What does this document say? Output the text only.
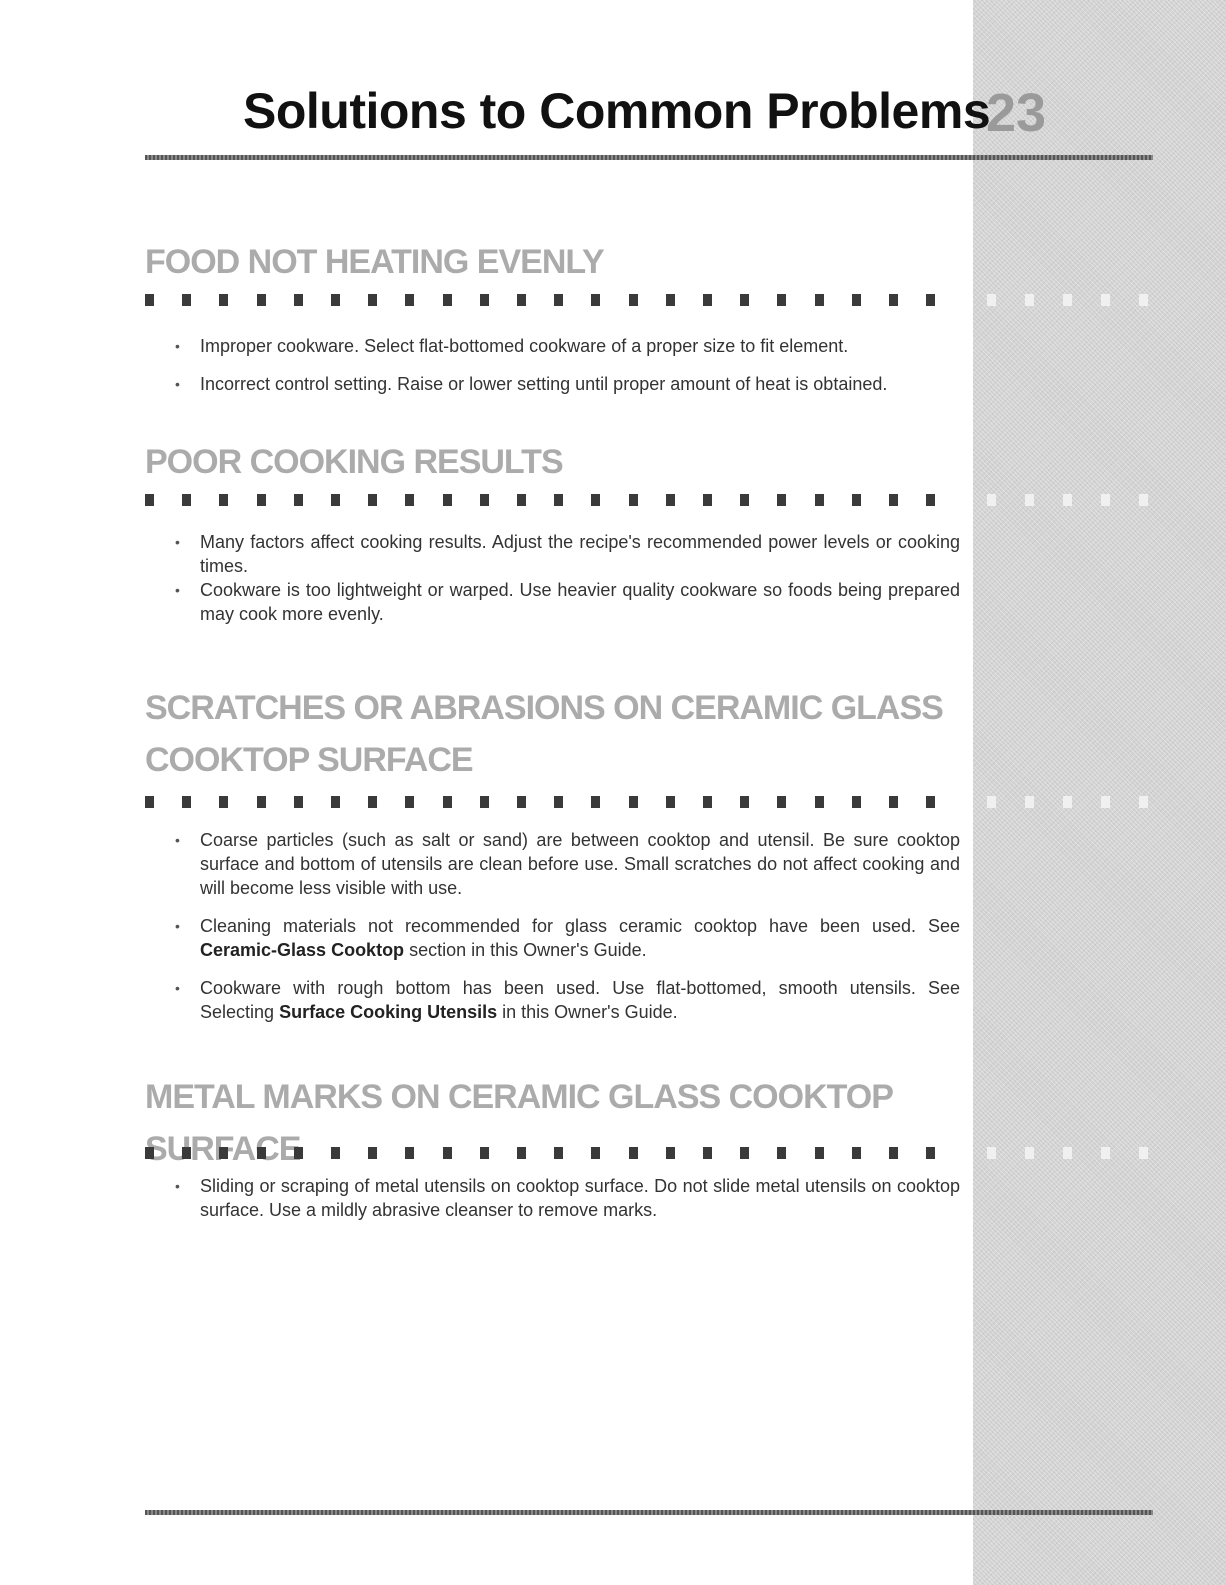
Solutions to Common Problems
23
FOOD NOT HEATING EVENLY
• Improper cookware. Select flat-bottomed cookware of a proper size to fit element.
• Incorrect control setting. Raise or lower setting until proper amount of heat is obtained.
POOR COOKING RESULTS
• Many factors affect cooking results. Adjust the recipe's recommended power levels or cooking times.
• Cookware is too lightweight or warped. Use heavier quality cookware so foods being prepared may cook more evenly.
SCRATCHES OR ABRASIONS ON CERAMIC GLASS
COOKTOP SURFACE
• Coarse particles (such as salt or sand) are between cooktop and utensil. Be sure cooktop surface and bottom of utensils are clean before use. Small scratches do not affect cooking and will become less visible with use.
• Cleaning materials not recommended for glass ceramic cooktop have been used. See Ceramic-Glass Cooktop section in this Owner's Guide.
• Cookware with rough bottom has been used. Use flat-bottomed, smooth utensils. See Selecting Surface Cooking Utensils in this Owner's Guide.
METAL MARKS ON CERAMIC GLASS COOKTOP
• Sliding or scraping of metal utensils on cooktop surface. Do not slide metal utensils on cooktop surface. Use a mildly abrasive cleanser to remove marks.
